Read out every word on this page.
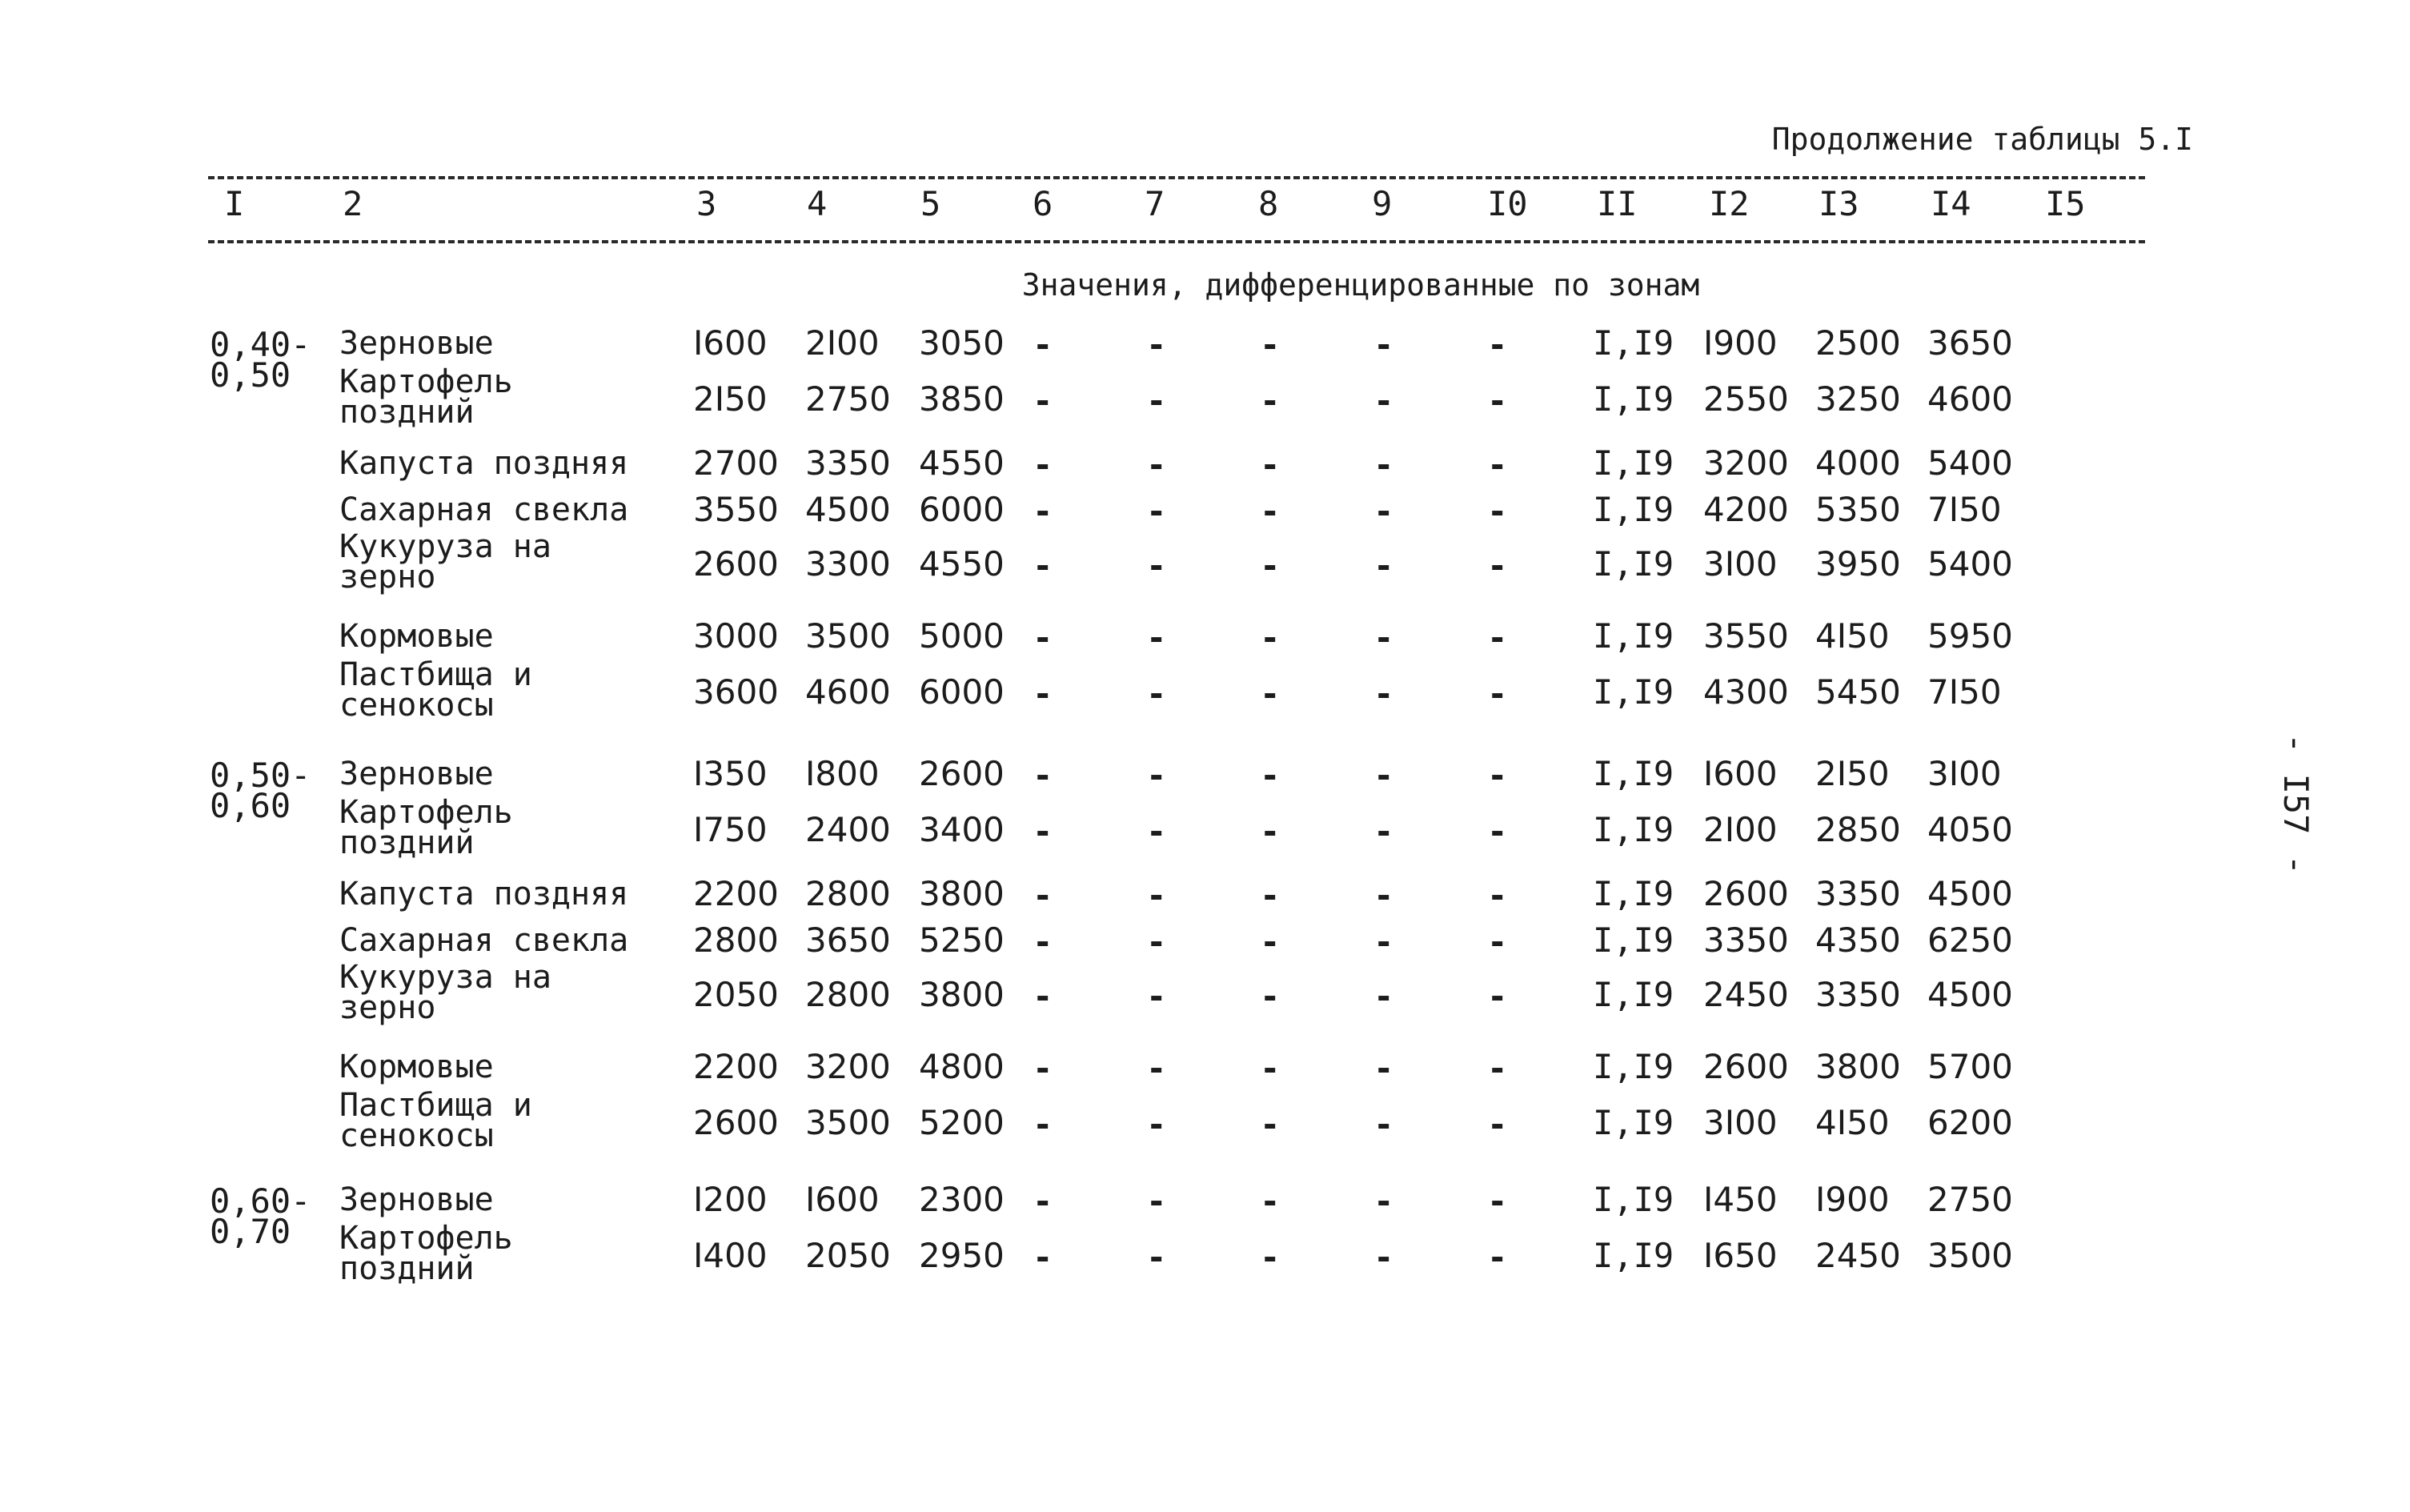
Продолжение таблицы 5.I
I	2	3	4	5	6	7	8	9	I0 II I2 I3 I4 I5
Значения, дифференцированные по зонам
0,40-
0,50
Зерновые	I600 2I00 3050 -	-	-	-	-	I,I9 I900 2500 3650
Картофель
поздний	2I50 2750 3850 -	-	-	-	-	I,I9 2550 3250 4600
Капуста поздняя 2700 3350 4550 -	-	-	-	-	I,I9 3200 4000 5400
Сахарная свекла 3550 4500 6000 -	-	-	-	-	I,I9 4200 5350 7I50
Кукуруза на
зерно	2600 3300 4550 -	-	-	-	-	I,I9 3I00 3950 5400
Кормовые	3000 3500 5000 -	-	-	-	-	I,I9 3550 4I50 5950
Пастбища и
сенокосы	3600 4600 6000 -	-	-	-	-	I,I9 4300 5450 7I50
0,50-
0,60
Зерновые	I350 I800 2600 -	-	-	-	-	I,I9 I600 2I50 3I00
Картофель
поздний	I750 2400 3400 -	-	-	-	-	I,I9 2I00 2850 4050
Капуста поздняя 2200 2800 3800 -	-	-	-	-	I,I9 2600 3350 4500
Сахарная свекла 2800 3650 5250 -	-	-	-	-	I,I9 3350 4350 6250
Кукуруза на
зерно	2050 2800 3800 -	-	-	-	-	I,I9 2450 3350 4500
Кормовые	2200 3200 4800 -	-	-	-	-	I,I9 2600 3800 5700
Пастбища и
сенокосы	2600 3500 5200 -	-	-	-	-	I,I9 3I00 4I50 6200
0,60-
0,70
Зерновые	I200 I600 2300 -	-	-	-	-	I,I9 I450 I900 2750
Картофель
поздний	I400 2050 2950 -	-	-	-	-	I,I9 I650 2450 3500
- I57 -
